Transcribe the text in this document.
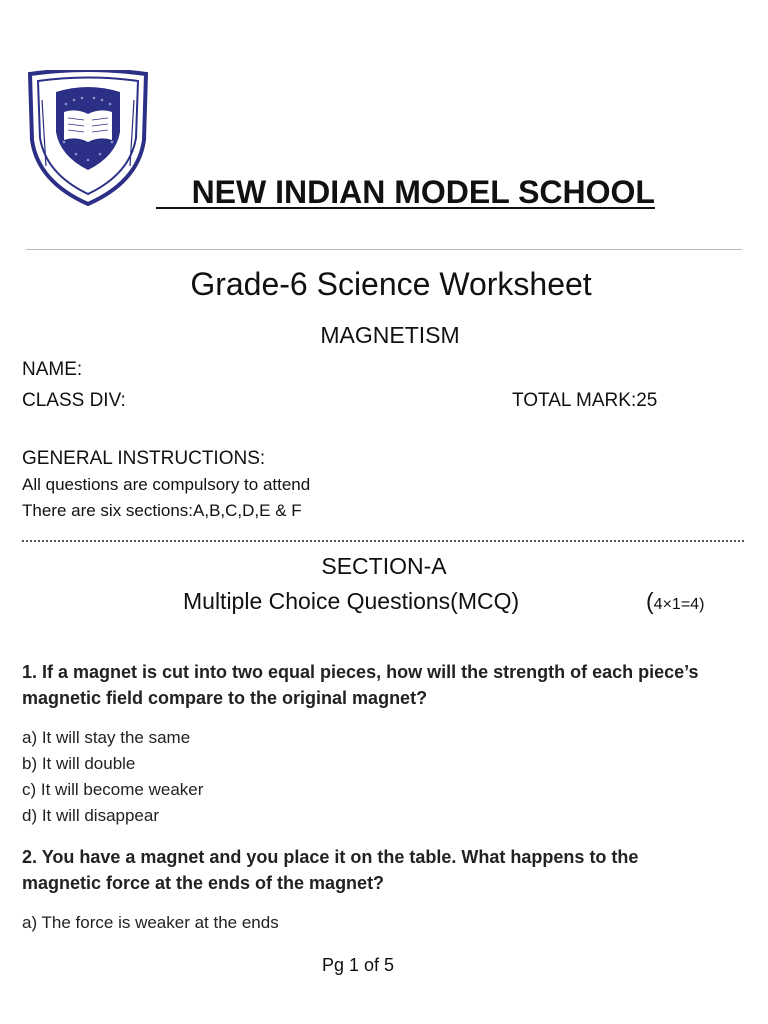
NEW INDIAN MODEL SCHOOL
Grade-6 Science Worksheet
MAGNETISM
NAME:
CLASS DIV:	TOTAL MARK:25
GENERAL INSTRUCTIONS:
All questions are compulsory to attend
There are six sections:A,B,C,D,E & F
SECTION-A
Multiple Choice Questions(MCQ)	(4×1=4)
1. If a magnet is cut into two equal pieces, how will the strength of each piece’s
magnetic field compare to the original magnet?
a) It will stay the same
b) It will double
c) It will become weaker
d) It will disappear
2. You have a magnet and you place it on the table. What happens to the
magnetic force at the ends of the magnet?
a) The force is weaker at the ends
Pg 1 of 5
